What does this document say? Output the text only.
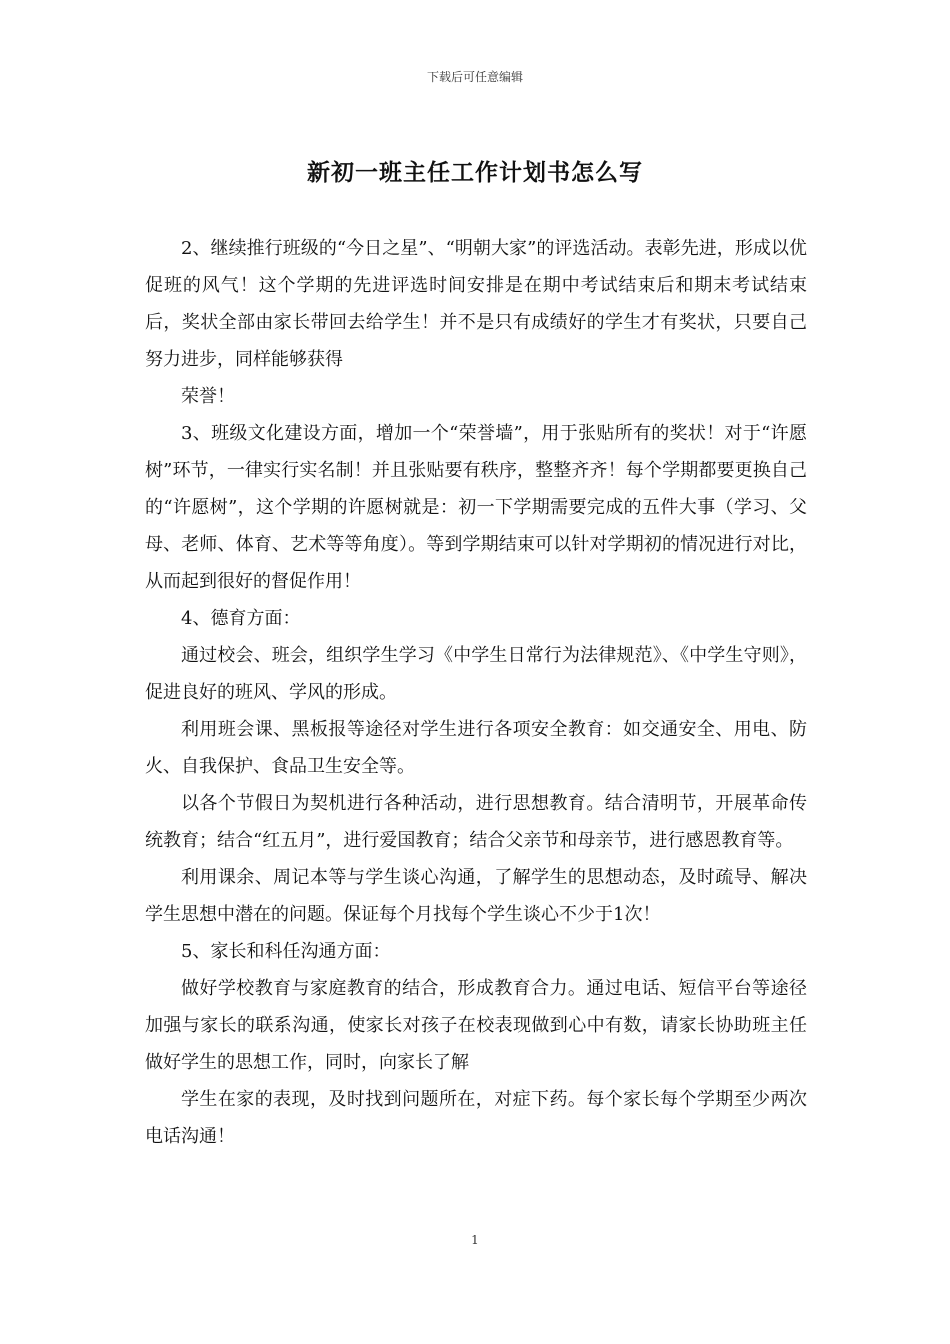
下载后可任意编辑
新初一班主任工作计划书怎么写

2、继续推行班级的“今日之星”、“明朝大家”的评选活动。表彰先进，形成以优促班的风气！这个学期的先进评选时间安排是在期中考试结束后和期末考试结束后，奖状全部由家长带回去给学生！并不是只有成绩好的学生才有奖状，只要自己努力进步，同样能够获得

荣誉！

3、班级文化建设方面，增加一个“荣誉墙”，用于张贴所有的奖状！对于“许愿树”环节，一律实行实名制！并且张贴要有秩序，整整齐齐！每个学期都要更换自己的“许愿树”，这个学期的许愿树就是：初一下学期需要完成的五件大事（学习、父母、老师、体育、艺术等等角度）。等到学期结束可以针对学期初的情况进行对比，从而起到很好的督促作用！

4、德育方面：

通过校会、班会，组织学生学习《中学生日常行为法律规范》、《中学生守则》，促进良好的班风、学风的形成。

利用班会课、黑板报等途径对学生进行各项安全教育：如交通安全、用电、防火、自我保护、食品卫生安全等。

以各个节假日为契机进行各种活动，进行思想教育。结合清明节，开展革命传统教育；结合“红五月”，进行爱国教育；结合父亲节和母亲节，进行感恩教育等。

利用课余、周记本等与学生谈心沟通，了解学生的思想动态，及时疏导、解决学生思想中潜在的问题。保证每个月找每个学生谈心不少于1次！

5、家长和科任沟通方面：

做好学校教育与家庭教育的结合，形成教育合力。通过电话、短信平台等途径加强与家长的联系沟通，使家长对孩子在校表现做到心中有数，请家长协助班主任做好学生的思想工作，同时，向家长了解

学生在家的表现，及时找到问题所在，对症下药。每个家长每个学期至少两次电话沟通！

1
